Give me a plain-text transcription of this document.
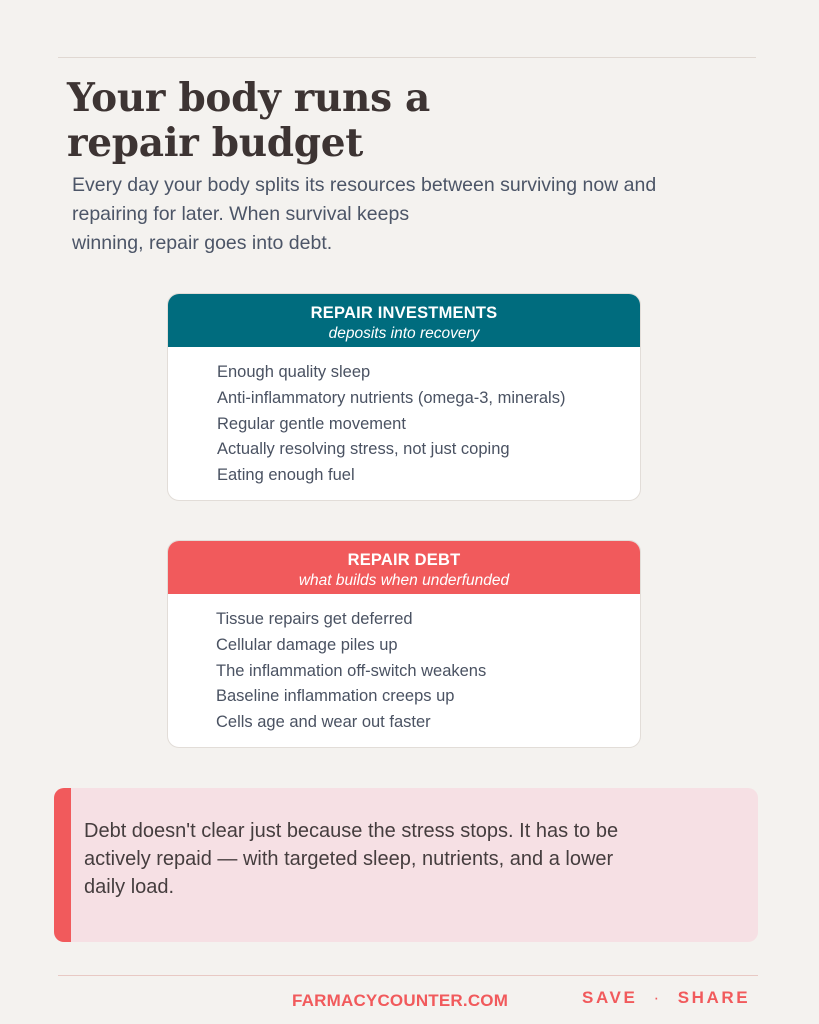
Your body runs a
repair budget

Every day your body splits its resources between surviving now and
repairing for later. When survival keeps
winning, repair goes into debt.

REPAIR INVESTMENTS
deposits into recovery
Enough quality sleep
Anti-inflammatory nutrients (omega-3, minerals)
Regular gentle movement
Actually resolving stress, not just coping
Eating enough fuel
REPAIR DEBT
what builds when underfunded
Tissue repairs get deferred
Cellular damage piles up
The inflammation off-switch weakens
Baseline inflammation creeps up
Cells age and wear out faster

Debt doesn't clear just because the stress stops. It has to be
actively repaid — with targeted sleep, nutrients, and a lower
daily load.

FARMACYCOUNTER.COM	SAVE · SHARE
